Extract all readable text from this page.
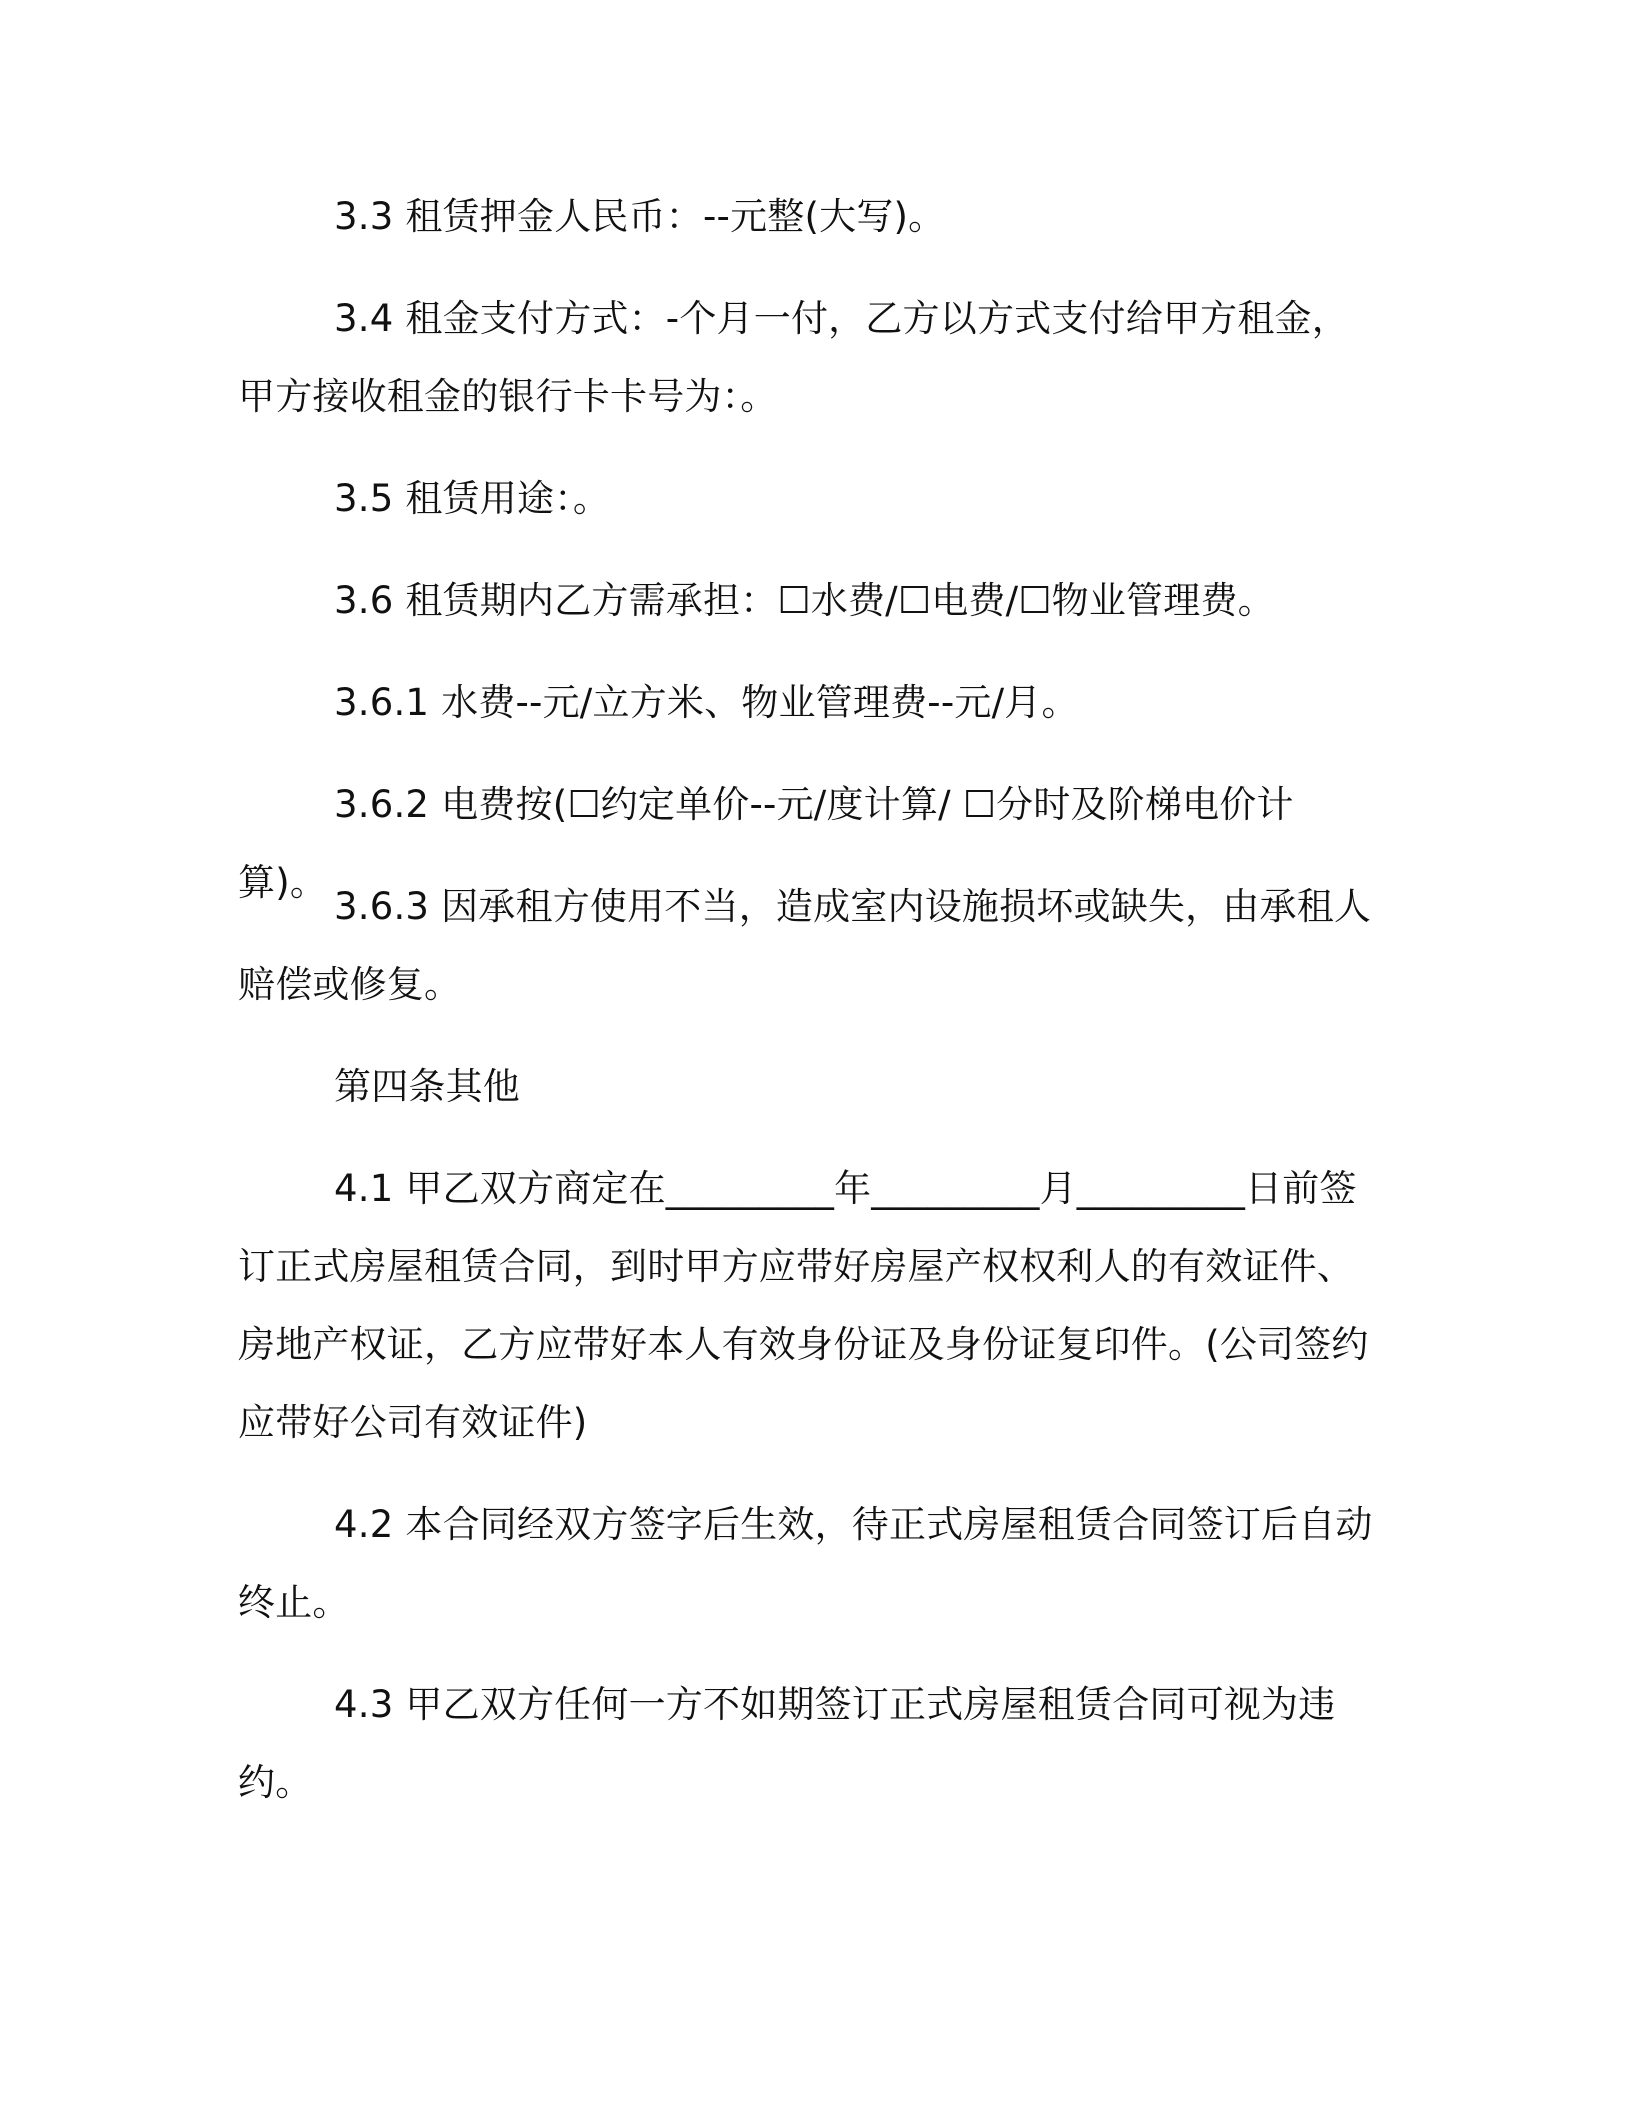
3.3 租赁押金人民币：--元整(大写)。

3.4 租金支付方式：-个月一付，乙方以方式支付给甲方租金，甲方接收租金的银行卡卡号为：。

3.5 租赁用途：。

3.6 租赁期内乙方需承担：☐水费/☐电费/☐物业管理费。

3.6.1 水费--元/立方米、物业管理费--元/月。

3.6.2 电费按(☐约定单价--元/度计算/ ☐分时及阶梯电价计算)。

3.6.3 因承租方使用不当，造成室内设施损坏或缺失，由承租人赔偿或修复。

第四条其他

4.1 甲乙双方商定在_________年_________月_________日前签订正式房屋租赁合同，到时甲方应带好房屋产权权利人的有效证件、房地产权证，乙方应带好本人有效身份证及身份证复印件。(公司签约应带好公司有效证件)

4.2 本合同经双方签字后生效，待正式房屋租赁合同签订后自动终止。

4.3 甲乙双方任何一方不如期签订正式房屋租赁合同可视为违约。
